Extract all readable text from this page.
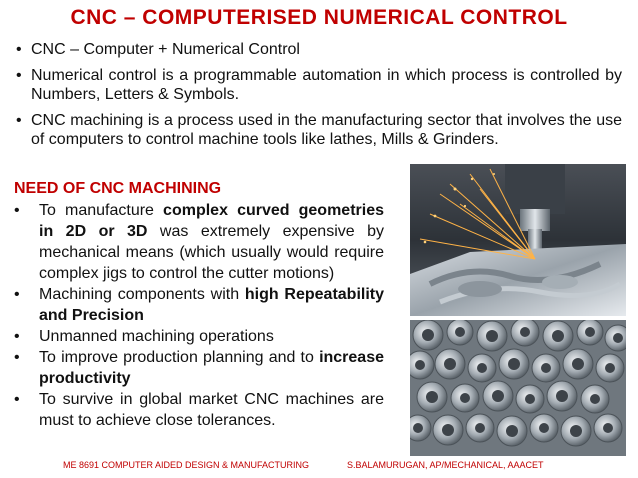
CNC – COMPUTERISED NUMERICAL CONTROL
• CNC – Computer + Numerical Control
• Numerical control is a programmable automation in which process is controlled by Numbers, Letters & Symbols.
• CNC machining is a process used in the manufacturing sector that involves the use of computers to control machine tools like lathes, Mills & Grinders.
NEED OF CNC MACHINING
• To manufacture complex curved geometries in 2D or 3D was extremely expensive by mechanical means (which usually would require complex jigs to control the cutter motions)
• Machining components with high Repeatability and Precision
• Unmanned machining operations
• To improve production planning and to increase productivity
• To survive in global market CNC machines are must to achieve close tolerances.
ME 8691 COMPUTER AIDED DESIGN & MANUFACTURING	S.BALAMURUGAN, AP/MECHANICAL, AAACET
